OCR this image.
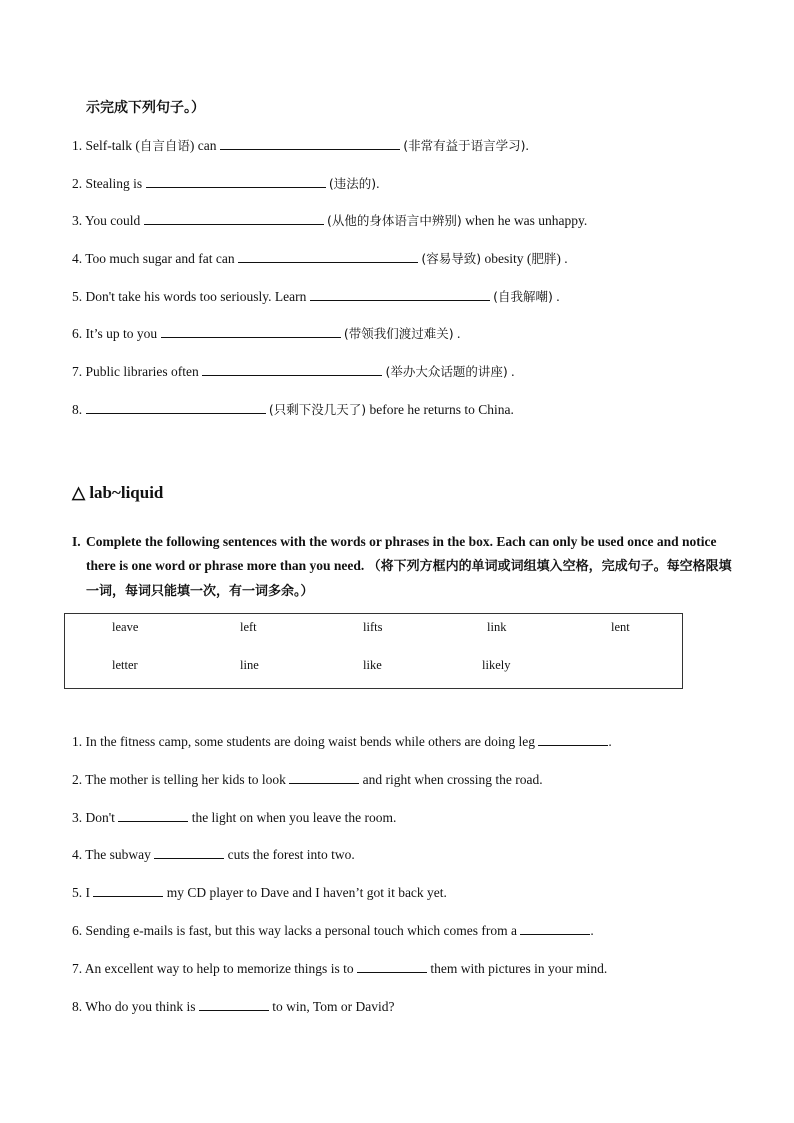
示完成下列句子。）
1. Self-talk (自言自语) can	(非常有益于语言学习).
2. Stealing is	(违法的).
3. You could	(从他的身体语言中辨别) when he was unhappy.
4. Too much sugar and fat can	(容易导致) obesity (肥胖) .
5. Don't take his words too seriously. Learn	(自我解嘲) .
6. It’s up to you	(带领我们渡过难关) .
7. Public libraries often	(举办大众话题的讲座) .
8.	(只剩下没几天了) before he returns to China.
△ lab~liquid
I. Complete the following sentences with the words or phrases in the box. Each can only be used once and notice there is one word or phrase more than you need. （将下列方框内的单词或词组填入空格，完成句子。每空格限填一词，每词只能填一次，有一词多余。）
leave	left	lifts	link	lent
letter	line	like	likely
1. In the fitness camp, some students are doing waist bends while others are doing leg	.
2. The mother is telling her kids to look	and right when crossing the road.
3. Don't	the light on when you leave the room.
4. The subway	cuts the forest into two.
5. I	my CD player to Dave and I haven’t got it back yet.
6. Sending e-mails is fast, but this way lacks a personal touch which comes from a	.
7. An excellent way to help to memorize things is to	them with pictures in your mind.
8. Who do you think is	to win, Tom or David?
